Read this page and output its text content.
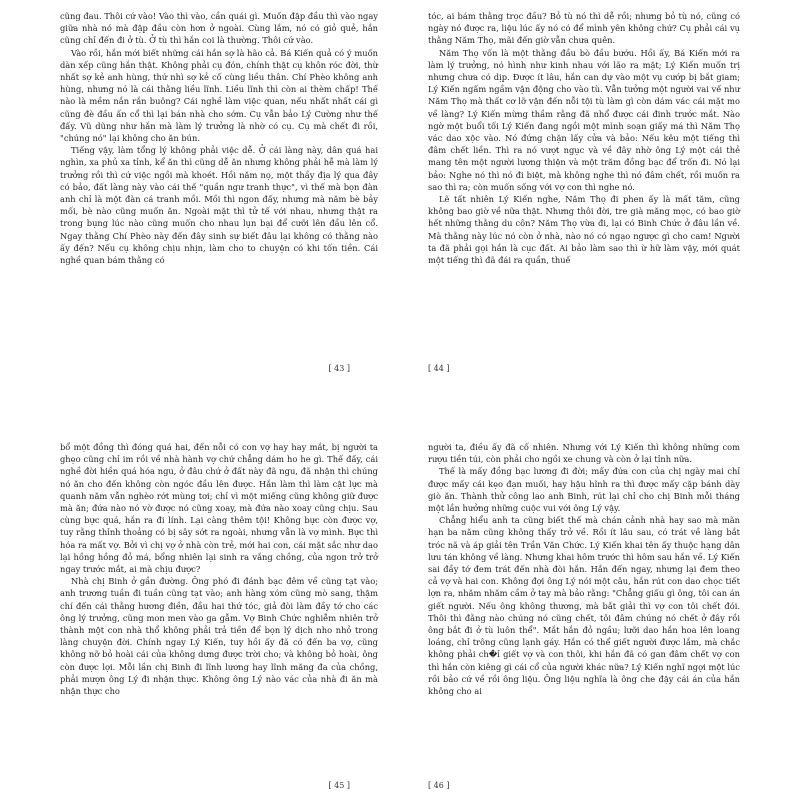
cũng đau. Thôi cứ vào! Vào thì vào, cần quái gì. Muốn đập đầu thì vào ngay giữa nhà nó mà đập đầu còn hơn ở ngoài. Cùng lắm, nó có giỏ quẻ, hắn cũng chỉ đến đi ở tù. Ở tù thì hắn coi là thường. Thôi cứ vào.

Vào rồi, hắn mới biết những cái hắn sợ là hão cả. Bá Kiến quả có ý muốn dàn xếp cũng hắn thật. Không phải cụ đón, chính thật cụ khôn róc đời, thừ nhất sợ kẻ anh hùng, thứ nhì sợ kẻ cố cùng liều thân. Chí Phèo không anh hùng, nhưng nó là cái thằng liều lĩnh. Liều lĩnh thì còn ai thèm chấp! Thế nào là mềm nắn rắn buông? Cái nghề làm việc quan, nếu nhất nhất cái gì cũng đè đầu ấn cổ thì lại bán nhà cho sớm. Cụ vẫn bảo Lý Cường như thế đấy. Vũ dũng như hắn mà làm lý trưởng là nhờ có cụ. Cụ mà chết đi rồi, "chúng nó" lại không cho ăn bún.

Tiếng vậy, làm tổng lý không phải việc dễ. Ở cái làng này, dân quá hai nghìn, xa phủ xa tỉnh, kể ăn thì cũng dễ ăn nhưng không phải hễ mà làm lý trưởng rồi thì cứ việc ngồi mà khoét. Hồi năm nọ, một thầy địa lý qua đây có bảo, đất làng này vào cái thế "quần ngư tranh thực", vì thế mà bọn đàn anh chỉ là một đàn cá tranh mồi. Mồi thì ngon đấy, nhưng mà năm bè bảy mối, bè nào cũng muốn ăn. Ngoài mặt thì tử tế với nhau, nhưng thật ra trong bụng lúc nào cũng muốn cho nhau lụn bại để cưỡi lên đầu lên cổ. Ngay thằng Chí Phèo này đến đây sinh sự biết đâu lại không có thằng nào ấy đến? Nếu cụ không chịu nhịn, làm cho to chuyện có khi tốn tiền. Cái nghề quan bám thằng có

[ 43 ]

tóc, ai bám thằng trọc đầu? Bỏ tù nó thì dễ rồi; nhưng bỏ tù nó, cũng có ngày nó được ra, liệu lúc ấy nó có để mình yên không chứ? Cụ phải cái vụ thằng Năm Thọ, mãi đến giờ vẫn chưa quên.

Năm Thọ vốn là một thằng đầu bò đầu bướu. Hồi ấy, Bá Kiến mới ra làm lý trưởng, nó hình như kinh nhau với lão ra mặt; Lý Kiến muốn trị nhưng chưa có dịp. Được ít lâu, hắn can dự vào một vụ cướp bị bắt giam; Lý Kiến ngấm ngầm vận động cho vào tù. Vẫn tưởng một người vai vế như Năm Thọ mà thất cơ lỡ vận đến nỗi tội tù làm gì còn dám vác cái mặt mo về làng? Lý Kiến mừng thầm rằng đã nhổ được cái đinh trước mắt. Nào ngờ một buổi tối Lý Kiến đang ngồi một mình soạn giấy má thì Năm Thọ vác dao xộc vào. Nó đứng chặn lấy cửa và bảo: Nếu kêu một tiếng thì đâm chết liền. Thì ra nó vượt ngục và về đây nhờ ông Lý một cái thẻ mang tên một người lương thiện và một trăm đồng bạc để trốn đi. Nó lại bảo: Nghe nó thì nó đi biệt, mà không nghe thì nó đâm chết, rồi muốn ra sao thì ra; còn muốn sống với vợ con thì nghe nó.

Lẽ tất nhiên Lý Kiến nghe, Năm Thọ đi phen ấy là mất tăm, cũng không bao giờ về nữa thật. Nhưng thôi đời, tre già măng mọc, có bao giờ hết những thằng du côn? Năm Thọ vừa đi, lại có Binh Chức ở đâu lần về. Mà thằng này lúc nó còn ở nhà, nào nó có ngạo ngược gì cho cam! Người ta đã phải gọi hắn là cục đất. Ai bảo làm sao thì ừ hữ làm vậy, mới quát một tiếng thì đã đái ra quần, thuế

[ 44 ]

bổ một đồng thì đóng quá hai, đến nỗi có con vợ hay hay mắt, bị người ta ghẹo cũng chỉ im rồi về nhà hành vợ chứ chẳng dám ho he gì. Thế đấy, cái nghề đời hiền quá hóa ngu, ở đâu chứ ở đất này đã ngu, đã nhận thì chúng nó ăn cho đến không còn ngóc đầu lên được. Hắn làm thì làm cật lực mà quanh năm vẫn nghèo rớt mùng tơi; chỉ vì một miếng cũng không giữ được mà ăn; đứa nào nó vờ được nó cũng xoay, mà đứa nào xoay cũng chịu. Sau cùng bực quá, hắn ra đi lính. Lại càng thêm tội! Không bực còn được vợ, tuy rằng thỉnh thoảng có bị sây sớt ra ngoài, nhưng vẫn là vợ mình. Bực thì hóa ra mất vợ. Bởi vì chị vợ ở nhà còn trẻ, mới hai con, cái mặt sắc như dao lại hồng hồng đỏ má, bổng nhiên lại sinh ra vắng chồng, của ngon trở trở ngay trước mắt, ai mà chịu được?

Nhà chị Binh ở gần đường. Ông phó đi đánh bạc đêm về cũng tạt vào; anh trương tuần đi tuần cũng tạt vào; anh hàng xóm cũng mò sang, thậm chí đến cái thằng hương điền, đầu hai thứ tóc, giả đòi làm đầy tớ cho các ông lý trưởng, cũng mon men vào ga gẫm. Vợ Binh Chức nghiễm nhiên trở thành một con nhà thổ không phải trả tiền để bọn lý dịch nho nhỏ trong làng chuyện đời. Chính ngay Lý Kiến, tuy hồi ấy đã có đến ba vợ, cũng không nỡ bỏ hoài cái của không dưng được trời cho; và không bỏ hoài, ông còn được lợi. Mỗi lần chị Binh đi lĩnh lương hay lĩnh măng đa của chồng, phải mượn ông Lý đi nhận thực. Không ông Lý nào vác của nhà đi ăn mà nhận thực cho

[ 45 ]

người ta, điều ấy đã cố nhiên. Nhưng với Lý Kiến thì không những com rượu tiền túi, còn phải cho ngồi xe chung và còn ở lại tỉnh nữa.

Thế là mấy đồng bạc lương đi đời; mấy đứa con của chị ngày mai chỉ được mấy cái kẹo đạn muối, hay hậu hĩnh ra thì được mấy cặp bánh dày giò ăn. Thành thử công lao anh Binh, rút lại chỉ cho chị Binh mỗi tháng một lần hưởng những cuộc vui với ông Lý vậy.

Chẳng hiểu anh ta cũng biết thế mà chán cảnh nhà hay sao mà mãn hạn ba năm cũng không thấy trở về. Rồi ít lâu sau, có trát về làng bắt tróc nã và áp giải tên Trần Văn Chức. Lý Kiến khai tên ấy thuộc hạng dân lưu tán không về làng. Nhưng khai hôm trước thì hôm sau hắn về. Lý Kiến sai đầy tớ đem trát đến nhà đòi hắn. Hắn đến ngay, nhưng lại đem theo cả vợ và hai con. Không đợi ông Lý nói một câu, hắn rút con dao chọc tiết lợn ra, nhăm nhăm cầm ở tay mà bảo rằng: "Chẳng giấu gì ông, tôi can án giết người. Nếu ông không thương, mà bắt giải thì vợ con tôi chết đói. Thôi thì đằng nào chúng nó cũng chết, tôi đâm chúng nó chết ở đây rồi ông bắt đi ở tù luôn thể". Mắt hắn đỏ ngầu; lưỡi dao hắn hoa lên loang loáng, chỉ trông cũng lạnh gáy. Hắn có thể giết người được lắm, mà chắc không phải ch�ỉ giết vợ và con thôi, khi hắn đã có gan đâm chết vợ con thì hắn còn kiêng gì cái cổ của người khác nữa? Lý Kiến nghĩ ngợi một lúc rồi bảo cứ về rồi ông liệu. Ông liệu nghĩa là ông che đậy cái án của hắn không cho ai

[ 46 ]
